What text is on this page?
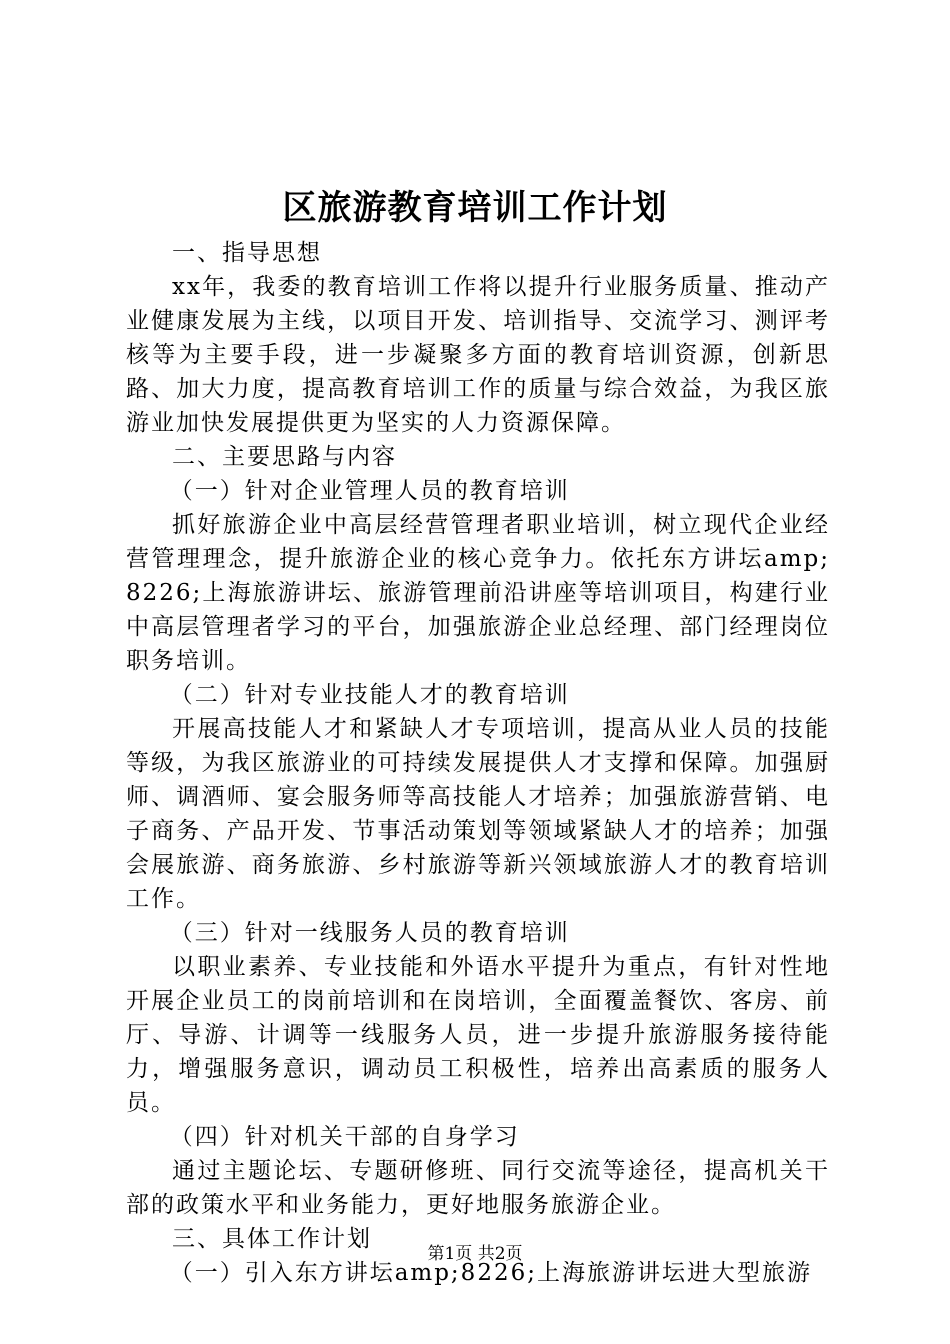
区旅游教育培训工作计划

一、指导思想

xx年，我委的教育培训工作将以提升行业服务质量、推动产业健康发展为主线，以项目开发、培训指导、交流学习、测评考核等为主要手段，进一步凝聚多方面的教育培训资源，创新思路、加大力度，提高教育培训工作的质量与综合效益，为我区旅游业加快发展提供更为坚实的人力资源保障。

二、主要思路与内容

（一）针对企业管理人员的教育培训

抓好旅游企业中高层经营管理者职业培训，树立现代企业经营管理理念，提升旅游企业的核心竞争力。依托东方讲坛amp;8226;上海旅游讲坛、旅游管理前沿讲座等培训项目，构建行业中高层管理者学习的平台，加强旅游企业总经理、部门经理岗位职务培训。

（二）针对专业技能人才的教育培训

开展高技能人才和紧缺人才专项培训，提高从业人员的技能等级，为我区旅游业的可持续发展提供人才支撑和保障。加强厨师、调酒师、宴会服务师等高技能人才培养；加强旅游营销、电子商务、产品开发、节事活动策划等领域紧缺人才的培养；加强会展旅游、商务旅游、乡村旅游等新兴领域旅游人才的教育培训工作。

（三）针对一线服务人员的教育培训

以职业素养、专业技能和外语水平提升为重点，有针对性地开展企业员工的岗前培训和在岗培训，全面覆盖餐饮、客房、前厅、导游、计调等一线服务人员，进一步提升旅游服务接待能力，增强服务意识，调动员工积极性，培养出高素质的服务人员。

（四）针对机关干部的自身学习

通过主题论坛、专题研修班、同行交流等途径，提高机关干部的政策水平和业务能力，更好地服务旅游企业。

三、具体工作计划

（一）引入东方讲坛amp;8226;上海旅游讲坛进大型旅游

第1页 共2页
